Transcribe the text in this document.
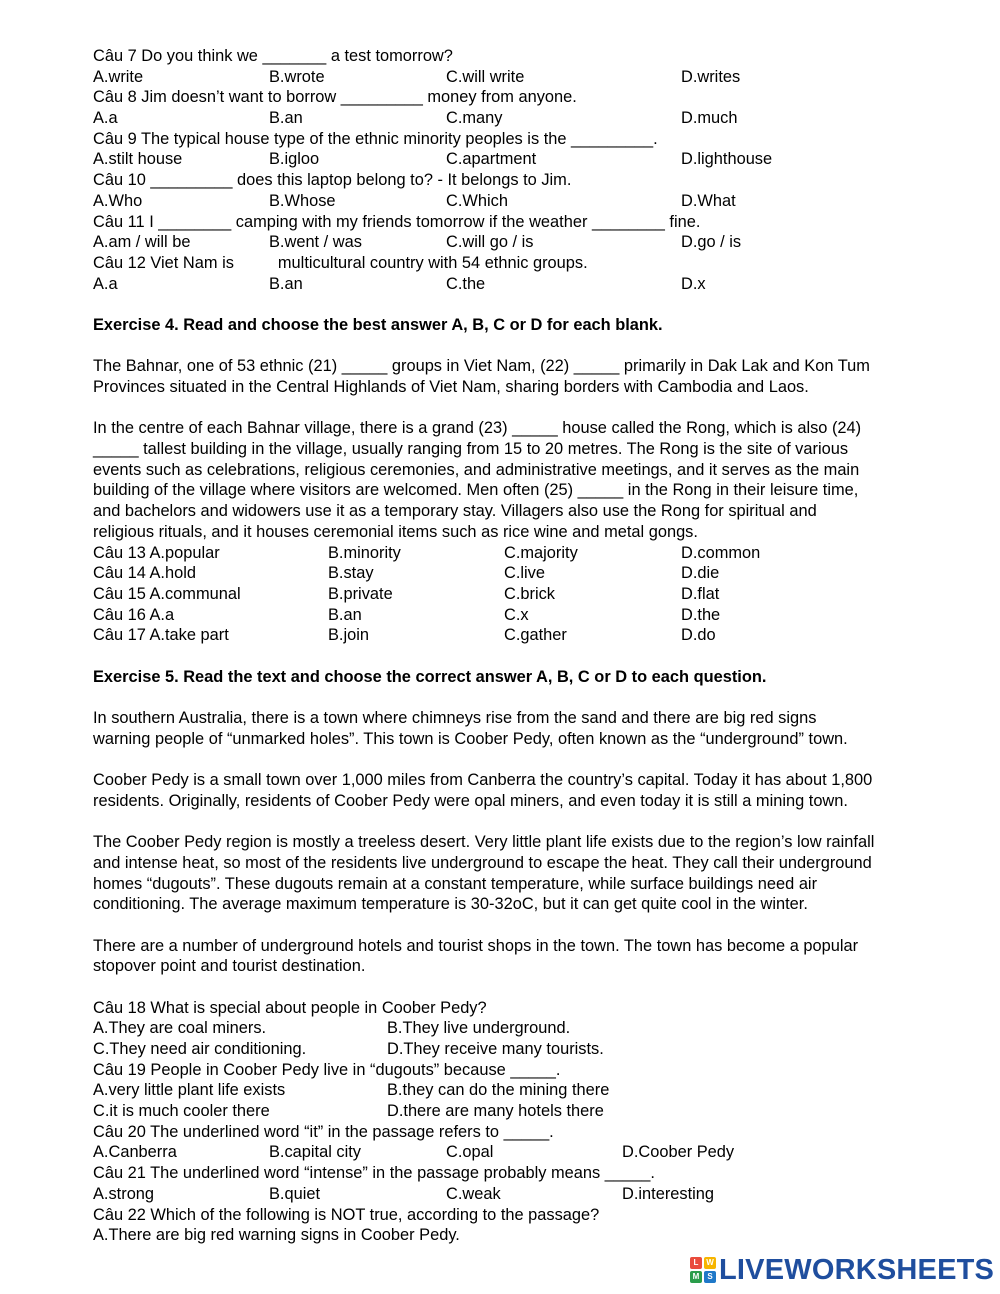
Câu 7 Do you think we _______ a test tomorrow?
A.write	B.wrote	C.will write	D.writes
Câu 8 Jim doesn’t want to borrow _________ money from anyone.
A.a	B.an	C.many	D.much
Câu 9 The typical house type of the ethnic minority peoples is the _________.
A.stilt house	B.igloo	C.apartment	D.lighthouse
Câu 10 _________ does this laptop belong to? - It belongs to Jim.
A.Who	B.Whose	C.Which	D.What
Câu 11 I ________ camping with my friends tomorrow if the weather ________ fine.
A.am / will be	B.went / was	C.will go / is	D.go / is
Câu 12 Viet Nam is	multicultural country with 54 ethnic groups.
A.a	B.an	C.the	D.x
Exercise 4. Read and choose the best answer A, B, C or D for each blank.
The Bahnar, one of 53 ethnic (21) _____ groups in Viet Nam, (22) _____ primarily in Dak Lak and Kon Tum
Provinces situated in the Central Highlands of Viet Nam, sharing borders with Cambodia and Laos.
In the centre of each Bahnar village, there is a grand (23) _____ house called the Rong, which is also (24)
_____ tallest building in the village, usually ranging from 15 to 20 metres. The Rong is the site of various
events such as celebrations, religious ceremonies, and administrative meetings, and it serves as the main
building of the village where visitors are welcomed. Men often (25) _____ in the Rong in their leisure time,
and bachelors and widowers use it as a temporary stay. Villagers also use the Rong for spiritual and
religious rituals, and it houses ceremonial items such as rice wine and metal gongs.
Câu 13 A.popular	B.minority	C.majority	D.common
Câu 14 A.hold	B.stay	C.live	D.die
Câu 15 A.communal	B.private	C.brick	D.flat
Câu 16 A.a	B.an	C.x	D.the
Câu 17 A.take part	B.join	C.gather	D.do
Exercise 5. Read the text and choose the correct answer A, B, C or D to each question.
In southern Australia, there is a town where chimneys rise from the sand and there are big red signs
warning people of “unmarked holes”. This town is Coober Pedy, often known as the “underground” town.
Coober Pedy is a small town over 1,000 miles from Canberra the country’s capital. Today it has about 1,800
residents. Originally, residents of Coober Pedy were opal miners, and even today it is still a mining town.
The Coober Pedy region is mostly a treeless desert. Very little plant life exists due to the region’s low rainfall
and intense heat, so most of the residents live underground to escape the heat. They call their underground
homes “dugouts”. These dugouts remain at a constant temperature, while surface buildings need air
conditioning. The average maximum temperature is 30-32oC, but it can get quite cool in the winter.
There are a number of underground hotels and tourist shops in the town. The town has become a popular
stopover point and tourist destination.
Câu 18 What is special about people in Coober Pedy?
A.They are coal miners.	B.They live underground.
C.They need air conditioning.	D.They receive many tourists.
Câu 19 People in Coober Pedy live in “dugouts” because _____.
A.very little plant life exists	B.they can do the mining there
C.it is much cooler there	D.there are many hotels there
Câu 20 The underlined word “it” in the passage refers to _____.
A.Canberra	B.capital city	C.opal	D.Coober Pedy
Câu 21 The underlined word “intense” in the passage probably means _____.
A.strong	B.quiet	C.weak	D.interesting
Câu 22 Which of the following is NOT true, according to the passage?
A.There are big red warning signs in Coober Pedy.
L W
M	S LIVEWORKSHEETS
